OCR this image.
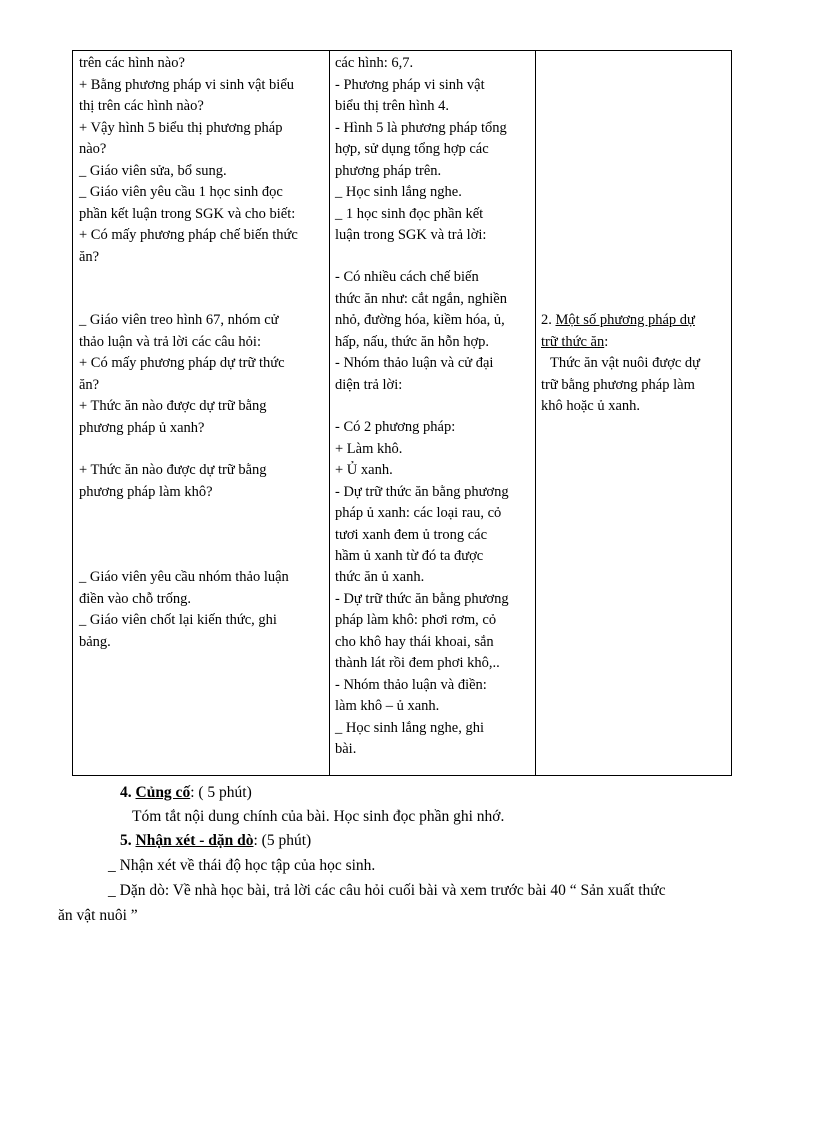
trên các hình nào?
+ Bằng phương pháp vi sinh vật biểu
thị trên các hình nào?
+ Vậy hình 5 biểu thị phương pháp
nào?
_ Giáo viên sửa, bổ sung.
_ Giáo viên yêu cầu 1 học sinh đọc
phần kết luận trong SGK và cho biết:
+ Có mấy phương pháp chế biến thức
ăn?
_ Giáo viên treo hình 67, nhóm cử
thảo luận và trả lời các câu hỏi:
+ Có mấy phương pháp dự trữ thức
ăn?
+ Thức ăn nào được dự trữ bằng
phương pháp ủ xanh?
+ Thức ăn nào được dự trữ bằng
phương pháp làm khô?
_ Giáo viên yêu cầu nhóm thảo luận
điền vào chỗ trống.
_ Giáo viên chốt lại kiến thức, ghi
bảng.
các hình: 6,7.
- Phương pháp vi sinh vật
biểu thị trên hình 4.
- Hình 5 là phương pháp tổng
hợp, sử dụng tổng hợp các
phương pháp trên.
_ Học sinh lắng nghe.
_ 1 học sinh đọc phần kết
luận trong SGK và trả lời:
- Có nhiều cách chế biến
thức ăn như: cắt ngắn, nghiền
nhỏ, đường hóa, kiềm hóa, ủ,
hấp, nấu, thức ăn hỗn hợp.
- Nhóm thảo luận và cử đại
diện trả lời:
- Có 2 phương pháp:
+ Làm khô.
+ Ủ xanh.
- Dự trữ thức ăn bằng phương
pháp ủ xanh: các loại rau, cỏ
tươi xanh đem ủ trong các
hầm ủ xanh từ đó ta được
thức ăn ủ xanh.
- Dự trữ thức ăn bằng phương
pháp làm khô: phơi rơm, cỏ
cho khô hay thái khoai, sắn
thành lát rồi đem phơi khô,..
- Nhóm thảo luận và điền:
làm khô – ủ xanh.
_ Học sinh lắng nghe, ghi
bài.
2. Một số phương pháp dự
trữ thức ăn:
Thức ăn vật nuôi được dự
trữ bằng phương pháp làm
khô hoặc ủ xanh.
4. Củng cố: ( 5 phút)
Tóm tắt nội dung chính của bài. Học sinh đọc phần ghi nhớ.
5. Nhận xét - dặn dò: (5 phút)
_ Nhận xét về thái độ học tập của học sinh.
_ Dặn dò: Về nhà học bài, trả lời các câu hỏi cuối bài và xem trước bài 40 “ Sản xuất thức
ăn vật nuôi ”
